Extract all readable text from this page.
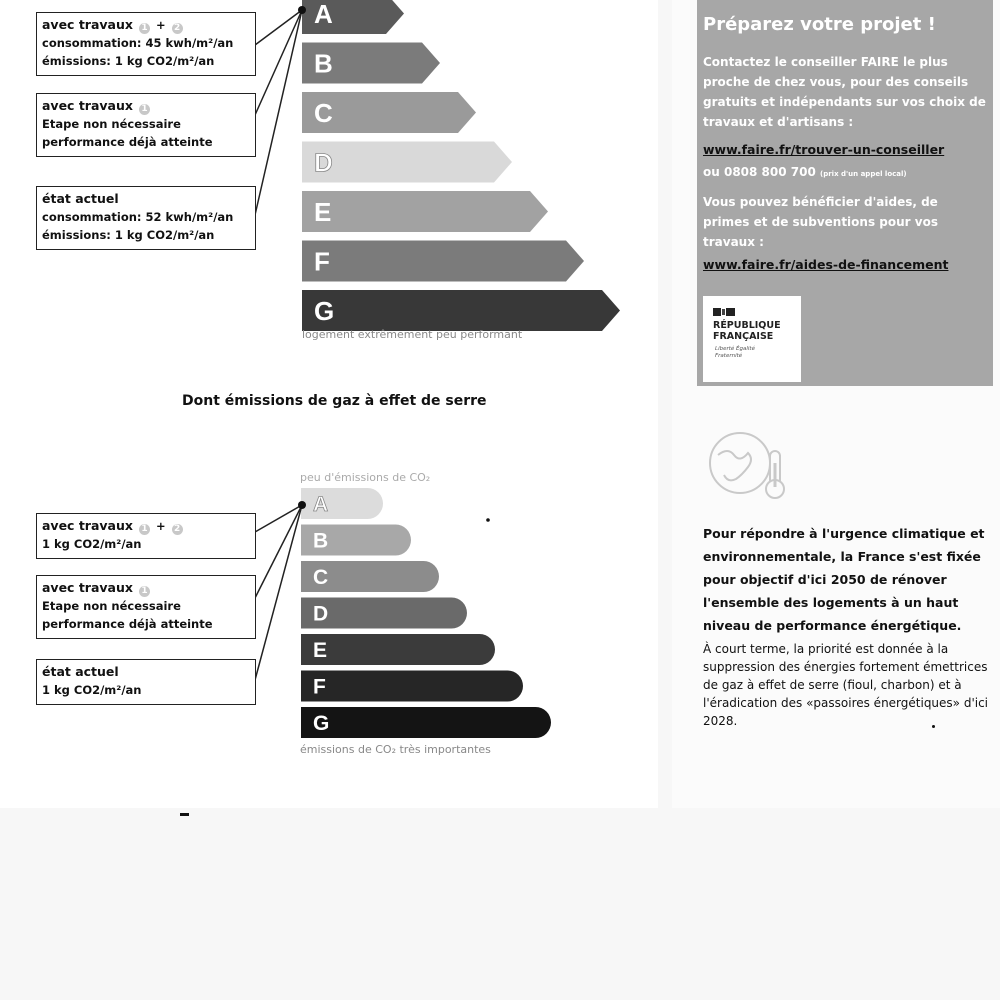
A
B
C
D
E
F
G
logement extrêmement peu performant
avec travaux 1 + 2
consommation: 45 kwh/m²/an
émissions: 1 kg CO2/m²/an
avec travaux 1
Etape non nécessaire
performance déjà atteinte
état actuel
consommation: 52 kwh/m²/an
émissions: 1 kg CO2/m²/an
Dont émissions de gaz à effet de serre
peu d'émissions de CO₂
A
B
C
D
E
F
G
émissions de CO₂ très importantes
avec travaux 1 + 2
1 kg CO2/m²/an
avec travaux 1
Etape non nécessaire
performance déjà atteinte
état actuel
1 kg CO2/m²/an
Préparez votre projet !
Contactez le conseiller FAIRE le plus proche de chez vous, pour des conseils gratuits et indépendants sur vos choix de travaux et d'artisans :
www.faire.fr/trouver-un-conseiller
ou 0808 800 700 (prix d'un appel local)
Vous pouvez bénéficier d'aides, de primes et de subventions pour vos travaux :
www.faire.fr/aides-de-financement
RÉPUBLIQUE
FRANÇAISE
Liberté Égalité Fraternité
Pour répondre à l'urgence climatique et environnementale, la France s'est fixée pour objectif d'ici 2050 de rénover l'ensemble des logements à un haut niveau de performance énergétique.
À court terme, la priorité est donnée à la suppression des énergies fortement émettrices de gaz à effet de serre (fioul, charbon) et à l'éradication des «passoires énergétiques» d'ici 2028.
